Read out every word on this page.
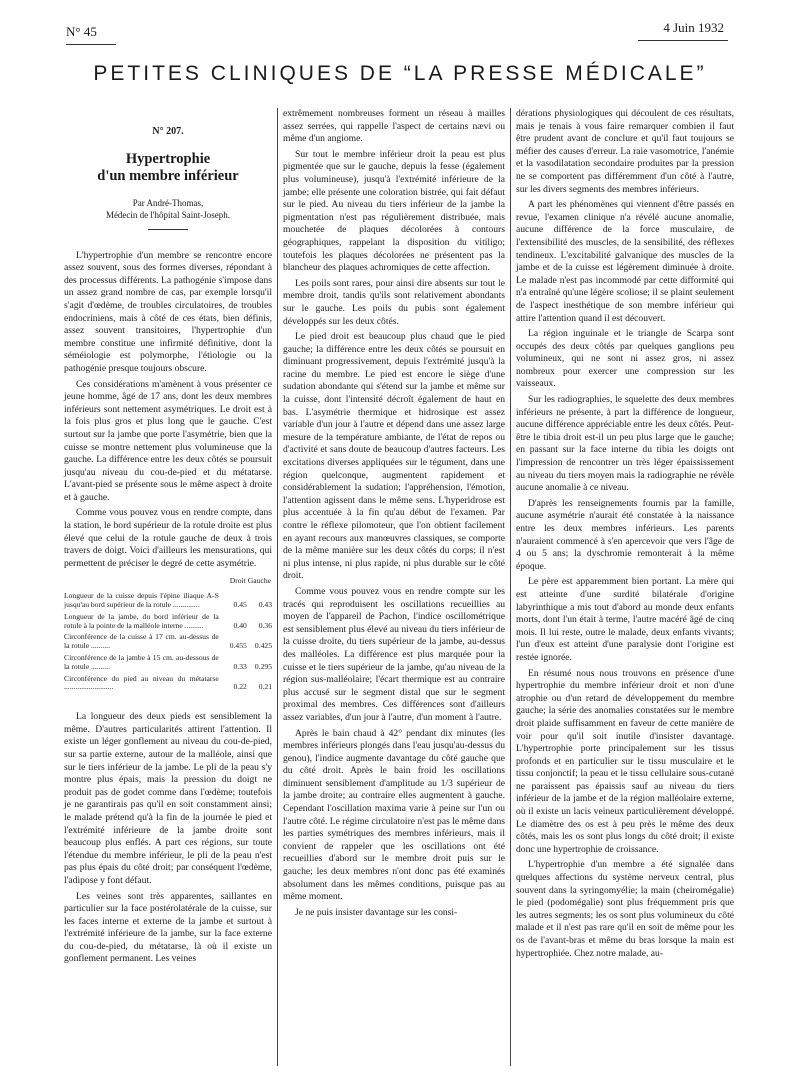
N° 45	4 Juin 1932
PETITES CLINIQUES DE “LA PRESSE MÉDICALE”
N° 207.
Hypertrophie
d'un membre inférieur
Par André-Thomas,
Médecin de l'hôpital Saint-Joseph.

L'hypertrophie d'un membre se rencontre encore assez souvent, sous des formes diverses, répondant à des processus différents. La pathogénie s'impose dans un assez grand nombre de cas, par exemple lorsqu'il s'agit d'œdème, de troubles circulatoires, de troubles endocriniens, mais à côté de ces états, bien définis, assez souvent transitoires, l'hypertrophie d'un membre constitue une infirmité définitive, dont la séméiologie est polymorphe, l'étiologie ou la pathogénie presque toujours obscure.

Ces considérations m'amènent à vous présenter ce jeune homme, âgé de 17 ans, dont les deux membres inférieurs sont nettement asymétriques. Le droit est à la fois plus gros et plus long que le gauche. C'est surtout sur la jambe que porte l'asymétrie, bien que la cuisse se montre nettement plus volumineuse que la gauche. La différence entre les deux côtés se poursuit jusqu'au niveau du cou-de-pied et du métatarse. L'avant-pied se présente sous le même aspect à droite et à gauche.

Comme vous pouvez vous en rendre compte, dans la station, le bord supérieur de la rotule droite est plus élevé que celui de la rotule gauche de deux à trois travers de doigt. Voici d'ailleurs les mensurations, qui permettent de préciser le degré de cette asymétrie.

	Droit	Gauche
Longueur de la cuisse depuis l'épine iliaque A-S jusqu'au bord supérieur de la rotule ..............	0.45	0.43
Longueur de la jambe, du bord inférieur de la rotule à la pointe de la malléole interne ..........	0.40	0.36
Circonférence de la cuisse à 17 cm. au-dessus de la rotule ..........	0.455	0.425
Circonférence de la jambe à 15 cm. au-dessous de la rotule ..........	0.33	0.295
Circonférence du pied au niveau du métatarse ..........................	0.22	0.21

La longueur des deux pieds est sensiblement la même. D'autres particularités attirent l'attention. Il existe un léger gonflement au niveau du cou-de-pied, sur sa partie externe, autour de la malléole, ainsi que sur le tiers inférieur de la jambe. Le pli de la peau s'y montre plus épais, mais la pression du doigt ne produit pas de godet comme dans l'œdème; toutefois je ne garantirais pas qu'il en soit constamment ainsi; le malade prétend qu'à la fin de la journée le pied et l'extrémité inférieure de la jambe droite sont beaucoup plus enflés. A part ces régions, sur toute l'étendue du membre inférieur, le pli de la peau n'est pas plus épais du côté droit; par conséquent l'œdème, l'adipose y font défaut.

Les veines sont très apparentes, saillantes en particulier sur la face postérolatérale de la cuisse, sur les faces interne et externe de la jambe et surtout à l'extrémité inférieure de la jambe, sur la face externe du cou-de-pied, du métatarse, là où il existe un gonflement permanent. Les veines

extrêmement nombreuses forment un réseau à mailles assez serrées, qui rappelle l'aspect de certains nævi ou même d'un angiome.

Sur tout le membre inférieur droit la peau est plus pigmentée que sur le gauche, depuis la fesse (également plus volumineuse), jusqu'à l'extrémité inférieure de la jambe; elle présente une coloration bistrée, qui fait défaut sur le pied. Au niveau du tiers inférieur de la jambe la pigmentation n'est pas régulièrement distribuée, mais mouchetée de plaques décolorées à contours géographiques, rappelant la disposition du vitiligo; toutefois les plaques décolorées ne présentent pas la blancheur des plaques achromiques de cette affection.

Les poils sont rares, pour ainsi dire absents sur tout le membre droit, tandis qu'ils sont relativement abondants sur le gauche. Les poils du pubis sont également développés sur les deux côtés.

Le pied droit est beaucoup plus chaud que le pied gauche; la différence entre les deux côtés se poursuit en diminuant progressivement, depuis l'extrémité jusqu'à la racine du membre. Le pied est encore le siège d'une sudation abondante qui s'étend sur la jambe et même sur la cuisse, dont l'intensité décroît également de haut en bas. L'asymétrie thermique et hidrosique est assez variable d'un jour à l'autre et dépend dans une assez large mesure de la température ambiante, de l'état de repos ou d'activité et sans doute de beaucoup d'autres facteurs. Les excitations diverses appliquées sur le tégument, dans une région quelconque, augmentent rapidement et considérablement la sudation; l'appréhension, l'émotion, l'attention agissent dans le même sens. L'hyperidrose est plus accentuée à la fin qu'au début de l'examen. Par contre le réflexe pilomoteur, que l'on obtient facilement en ayant recours aux manœuvres classiques, se comporte de la même manière sur les deux côtés du corps; il n'est ni plus intense, ni plus rapide, ni plus durable sur le côté droit.

Comme vous pouvez vous en rendre compte sur les tracés qui reproduisent les oscillations recueillies au moyen de l'appareil de Pachon, l'indice oscillométrique est sensiblement plus élevé au niveau du tiers inférieur de la cuisse droite, du tiers supérieur de la jambe, au-dessus des malléoles. La différence est plus marquée pour la cuisse et le tiers supérieur de la jambe, qu'au niveau de la région sus-malléolaire; l'écart thermique est au contraire plus accusé sur le segment distal que sur le segment proximal des membres. Ces différences sont d'ailleurs assez variables, d'un jour à l'autre, d'un moment à l'autre.

Après le bain chaud à 42° pendant dix minutes (les membres inférieurs plongés dans l'eau jusqu'au-dessus du genou), l'indice augmente davantage du côté gauche que du côté droit. Après le bain froid les oscillations diminuent sensiblement d'amplitude au 1/3 supérieur de la jambe droite; au contraire elles augmentent à gauche. Cependant l'oscillation maxima varie à peine sur l'un ou l'autre côté. Le régime circulatoire n'est pas le même dans les parties symétriques des membres inférieurs, mais il convient de rappeler que les oscillations ont été recueillies d'abord sur le membre droit puis sur le gauche; les deux membres n'ont donc pas été examinés absolument dans les mêmes conditions, puisque pas au même moment.

Je ne puis insister davantage sur les consi-

dérations physiologiques qui découlent de ces résultats, mais je tenais à vous faire remarquer combien il faut être prudent avant de conclure et qu'il faut toujours se méfier des causes d'erreur. La raie vasomotrice, l'anémie et la vasodilatation secondaire produites par la pression ne se comportent pas différemment d'un côté à l'autre, sur les divers segments des membres inférieurs.

A part les phénomènes qui viennent d'être passés en revue, l'examen clinique n'a révélé aucune anomalie, aucune différence de la force musculaire, de l'extensibilité des muscles, de la sensibilité, des réflexes tendineux. L'excitabilité galvanique des muscles de la jambe et de la cuisse est légèrement diminuée à droite. Le malade n'est pas incommodé par cette difformité qui n'a entraîné qu'une légère scoliose; il se plaint seulement de l'aspect inesthétique de son membre inférieur qui attire l'attention quand il est découvert.

La région inguinale et le triangle de Scarpa sont occupés des deux côtés par quelques ganglions peu volumineux, qui ne sont ni assez gros, ni assez nombreux pour exercer une compression sur les vaisseaux.

Sur les radiographies, le squelette des deux membres inférieurs ne présente, à part la différence de longueur, aucune différence appréciable entre les deux côtés. Peut-être le tibia droit est-il un peu plus large que le gauche; en passant sur la face interne du tibia les doigts ont l'impression de rencontrer un très léger épaississement au niveau du tiers moyen mais la radiographie ne révèle aucune anomalie à ce niveau.

D'après les renseignements fournis par la famille, aucune asymétrie n'aurait été constatée à la naissance entre les deux membres inférieurs. Les parents n'auraient commencé à s'en apercevoir que vers l'âge de 4 ou 5 ans; la dyschromie remonterait à la même époque.

Le père est apparemment bien portant. La mère qui est atteinte d'une surdité bilatérale d'origine labyrinthique a mis tout d'abord au monde deux enfants morts, dont l'un était à terme, l'autre macéré âgé de cinq mois. Il lui reste, outre le malade, deux enfants vivants; l'un d'eux est atteint d'une paralysie dont l'origine est restée ignorée.

En résumé nous nous trouvons en présence d'une hypertrophie du membre inférieur droit et non d'une atrophie ou d'un retard de développement du membre gauche; la série des anomalies constatées sur le membre droit plaide suffisamment en faveur de cette manière de voir pour qu'il soit inutile d'insister davantage. L'hypertrophie porte principalement sur les tissus profonds et en particulier sur le tissu musculaire et le tissu conjonctif; la peau et le tissu cellulaire sous-cutané ne paraissent pas épaissis sauf au niveau du tiers inférieur de la jambe et de la région malléolaire externe, où il existe un lacis veineux particulièrement développé. Le diamètre des os est à peu près le même des deux côtés, mais les os sont plus longs du côté droit; il existe donc une hypertrophie de croissance.

L'hypertrophie d'un membre a été signalée dans quelques affections du système nerveux central, plus souvent dans la syringomyélie; la main (cheiromégalie) le pied (podomégalie) sont plus fréquemment pris que les autres segments; les os sont plus volumineux du côté malade et il n'est pas rare qu'il en soit de même pour les os de l'avant-bras et même du bras lorsque la main est hypertrophiée. Chez notre malade, au-
